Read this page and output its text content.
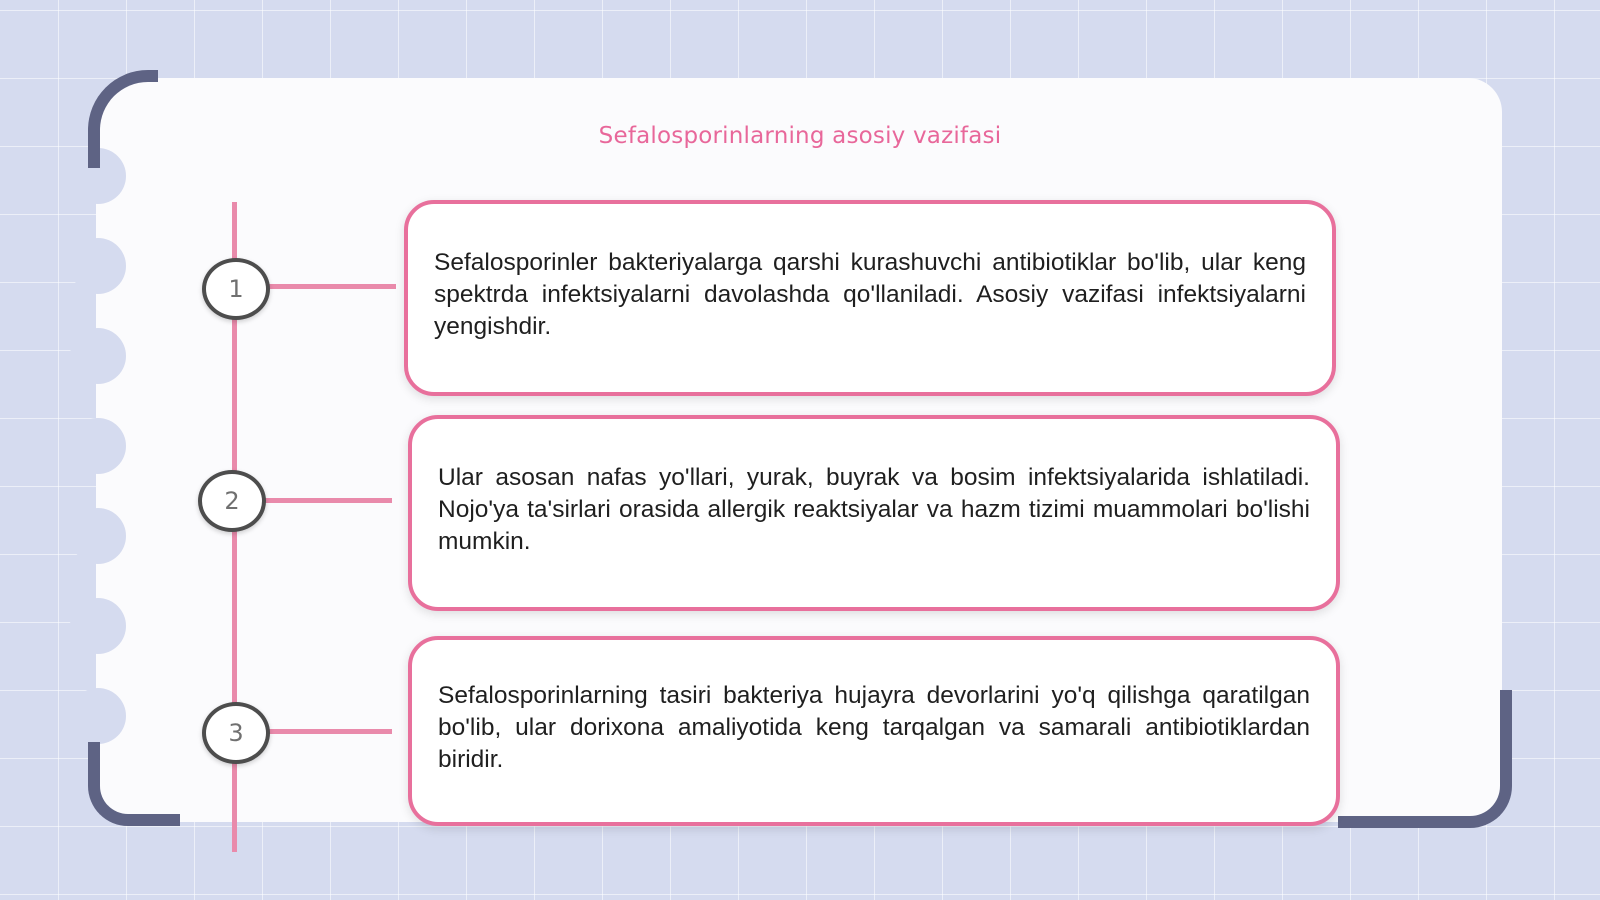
Sefalosporinlarning asosiy vazifasi
1
2
3
Sefalosporinler bakteriyalarga qarshi kurashuvchi antibiotiklar bo'lib, ular keng spektrda infektsiyalarni davolashda qo'llaniladi. Asosiy vazifasi infektsiyalarni yengishdir.
Ular asosan nafas yo'llari, yurak, buyrak va bosim infektsiyalarida ishlatiladi. Nojo'ya ta'sirlari orasida allergik reaktsiyalar va hazm tizimi muammolari bo'lishi mumkin.
Sefalosporinlarning tasiri bakteriya hujayra devorlarini yo'q qilishga qaratilgan bo'lib, ular dorixona amaliyotida keng tarqalgan va samarali antibiotiklardan biridir.
